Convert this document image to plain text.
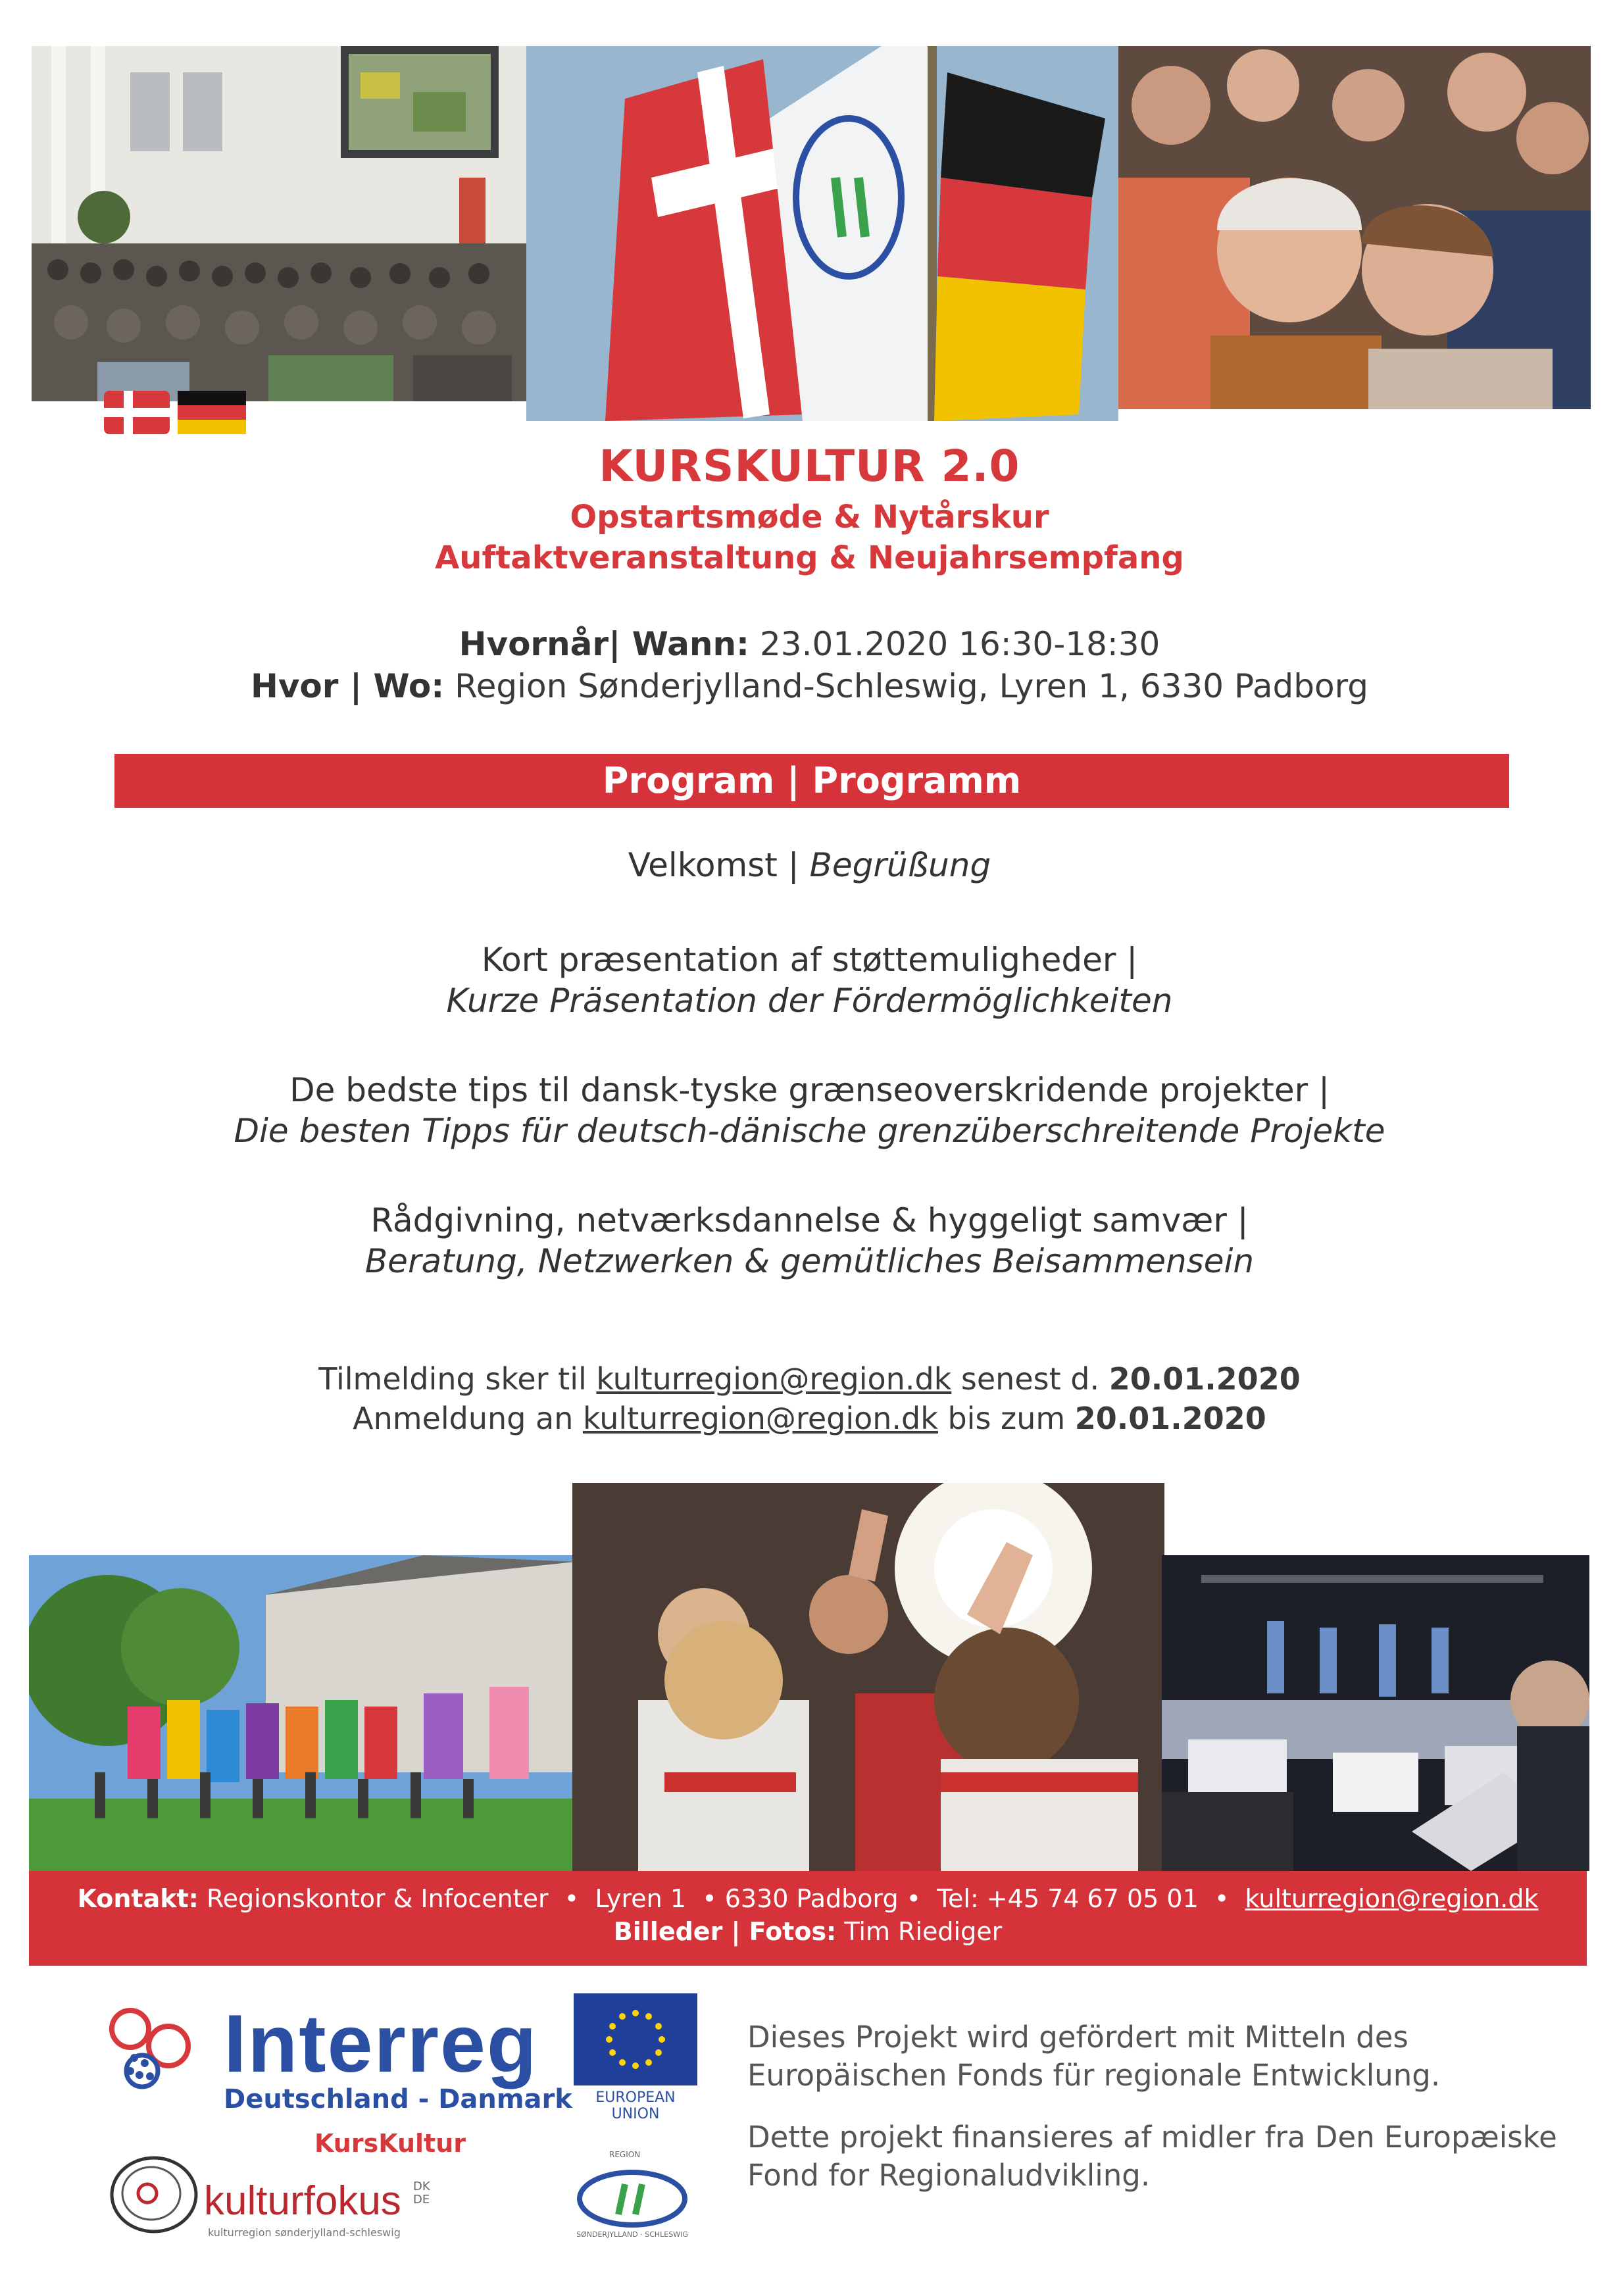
KURSKULTUR 2.0
Opstartsmøde & Nytårskur
Auftaktveranstaltung & Neujahrsempfang
Hvornår| Wann: 23.01.2020 16:30-18:30
Hvor | Wo: Region Sønderjylland-Schleswig, Lyren 1, 6330 Padborg
Program | Programm
Velkomst | Begrüßung
Kort præsentation af støttemuligheder |
Kurze Präsentation der Fördermöglichkeiten
De bedste tips til dansk-tyske grænseoverskridende projekter |
Die besten Tipps für deutsch-dänische grenzüberschreitende Projekte
Rådgivning, netværksdannelse & hyggeligt samvær |
Beratung, Netzwerken & gemütliches Beisammensein
Tilmelding sker til kulturregion@region.dk senest d. 20.01.2020
Anmeldung an kulturregion@region.dk bis zum 20.01.2020
Kontakt: Regionskontor & Infocenter • Lyren 1 • 6330 Padborg • Tel: +45 74 67 05 01 • kulturregion@region.dk
Billeder | Fotos: Tim Riediger
Interreg
Deutschland - Danmark
KursKultur
EUROPEAN UNION
kulturfokus DK
DE
kulturregion sønderjylland-schleswig
REGION
SØNDERJYLLAND · SCHLESWIG
Dieses Projekt wird gefördert mit Mitteln des Europäischen Fonds für regionale Entwicklung.
Dette projekt finansieres af midler fra Den Europæiske Fond for Regionaludvikling.
